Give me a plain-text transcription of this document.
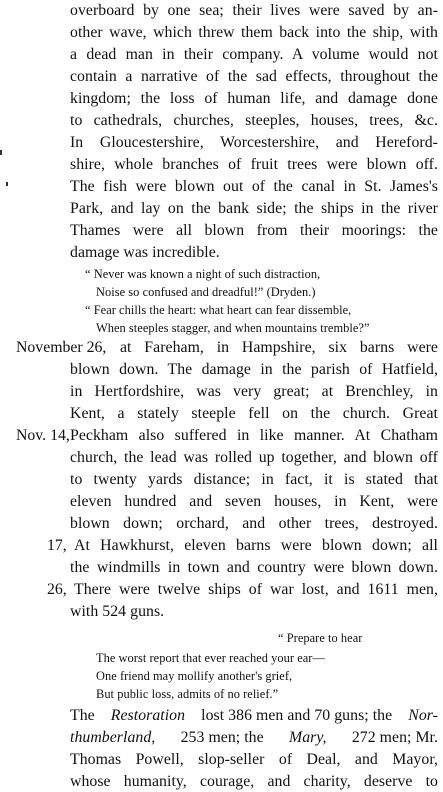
overboard by one sea; their lives were saved by an-
other wave, which threw them back into the ship, with
a dead man in their company. A volume would not
contain a narrative of the sad effects, throughout the
kingdom; the loss of human life, and damage done
to cathedrals, churches, steeples, houses, trees, &c.
In Gloucestershire, Worcestershire, and Hereford-
shire, whole branches of fruit trees were blown off.
The fish were blown out of the canal in St. James's
Park, and lay on the bank side; the ships in the river
Thames were all blown from their moorings: the
damage was incredible.
“ Never was known a night of such distraction,
Noise so confused and dreadful!” (Dryden.)
“ Fear chills the heart: what heart can fear dissemble,
When steeples stagger, and when mountains tremble?”
November 26, at Fareham, in Hampshire, six barns were
blown down. The damage in the parish of Hatfield,
in Hertfordshire, was very great; at Brenchley, in
Kent, a stately steeple fell on the church. Great
Nov. 14, Peckham also suffered in like manner. At Chatham
church, the lead was rolled up together, and blown off
to twenty yards distance; in fact, it is stated that
eleven hundred and seven houses, in Kent, were
blown down; orchard, and other trees, destroyed.
17, At Hawkhurst, eleven barns were blown down; all
the windmills in town and country were blown down.
26, There were twelve ships of war lost, and 1611 men,
with 524 guns.
“ Prepare to hear
The worst report that ever reached your ear—
One friend may mollify another's grief,
But public loss, admits of no relief.”
The Restoration lost 386 men and 70 guns; the Nor-
thumberland, 253 men; the Mary, 272 men; Mr.
Thomas Powell, slop-seller of Deal, and Mayor,
whose humanity, courage, and charity, deserve to
